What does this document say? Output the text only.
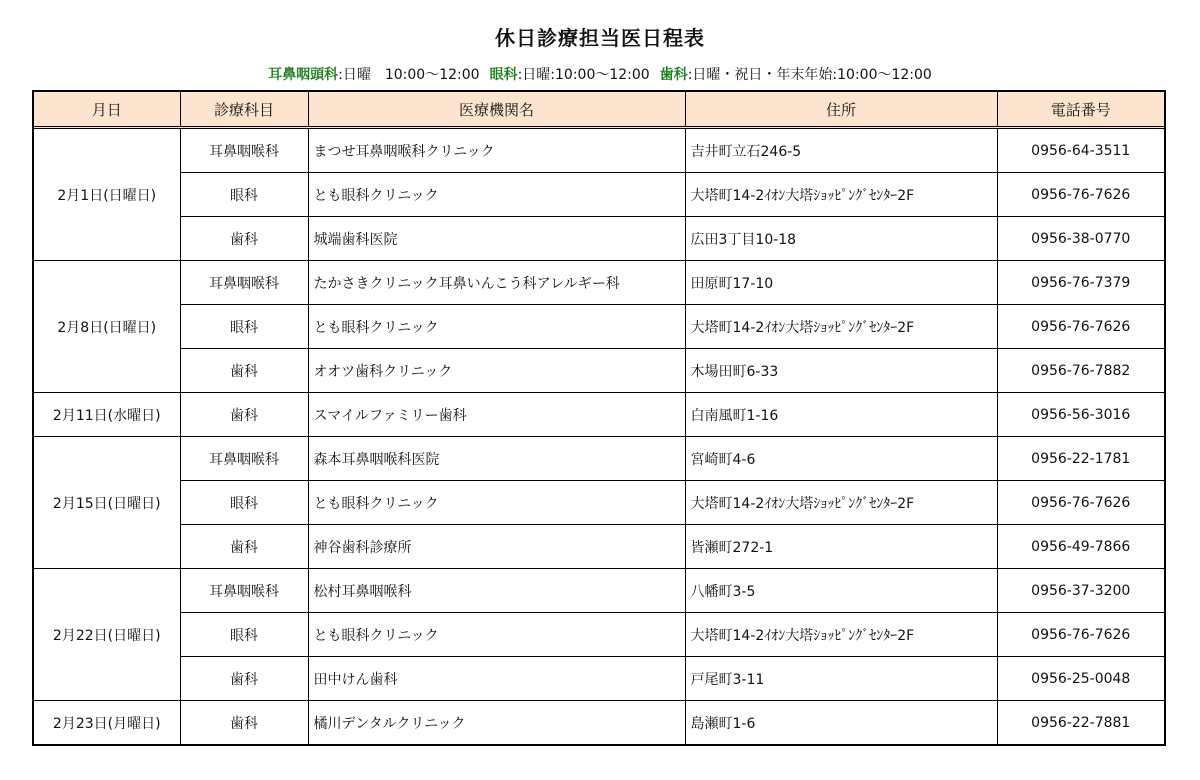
休日診療担当医日程表
耳鼻咽頭科:日曜　10:00～12:00 眼科:日曜:10:00～12:00 歯科:日曜・祝日・年末年始:10:00～12:00
月日	診療科目	医療機関名	住所	電話番号
2月1日(日曜日)	耳鼻咽喉科	まつせ耳鼻咽喉科クリニック	吉井町立石246-5	0956-64-3511
	眼科	とも眼科クリニック	大塔町14-2ｲｵﾝ大塔ｼｮｯﾋﾟﾝｸﾞｾﾝﾀｰ2F	0956-76-7626
	歯科	城端歯科医院	広田3丁目10-18	0956-38-0770
2月8日(日曜日)	耳鼻咽喉科	たかさきクリニック耳鼻いんこう科アレルギー科	田原町17-10	0956-76-7379
	眼科	とも眼科クリニック	大塔町14-2ｲｵﾝ大塔ｼｮｯﾋﾟﾝｸﾞｾﾝﾀｰ2F	0956-76-7626
	歯科	オオツ歯科クリニック	木場田町6-33	0956-76-7882
2月11日(水曜日)	歯科	スマイルファミリー歯科	白南風町1-16	0956-56-3016
2月15日(日曜日)	耳鼻咽喉科	森本耳鼻咽喉科医院	宮崎町4-6	0956-22-1781
	眼科	とも眼科クリニック	大塔町14-2ｲｵﾝ大塔ｼｮｯﾋﾟﾝｸﾞｾﾝﾀｰ2F	0956-76-7626
	歯科	神谷歯科診療所	皆瀬町272-1	0956-49-7866
2月22日(日曜日)	耳鼻咽喉科	松村耳鼻咽喉科	八幡町3-5	0956-37-3200
	眼科	とも眼科クリニック	大塔町14-2ｲｵﾝ大塔ｼｮｯﾋﾟﾝｸﾞｾﾝﾀｰ2F	0956-76-7626
	歯科	田中けん歯科	戸尾町3-11	0956-25-0048
2月23日(月曜日)	歯科	橘川デンタルクリニック	島瀬町1-6	0956-22-7881
